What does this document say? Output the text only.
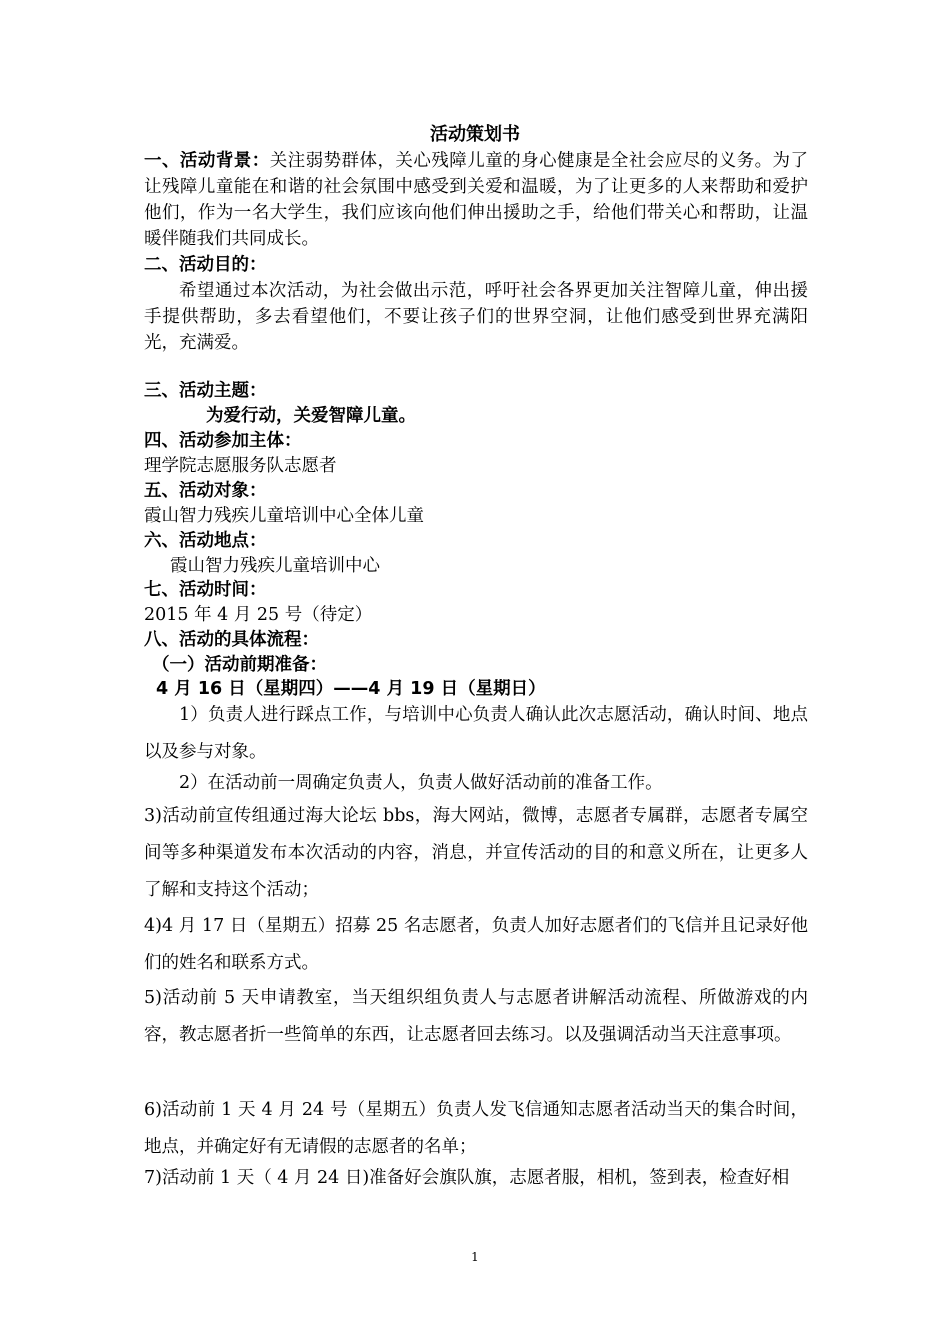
活动策划书
一、活动背景：关注弱势群体，关心残障儿童的身心健康是全社会应尽的义务。为了让残障儿童能在和谐的社会氛围中感受到关爱和温暖，为了让更多的人来帮助和爱护他们，作为一名大学生，我们应该向他们伸出援助之手，给他们带关心和帮助，让温暖伴随我们共同成长。
二、活动目的：
希望通过本次活动，为社会做出示范，呼吁社会各界更加关注智障儿童，伸出援手提供帮助，多去看望他们，不要让孩子们的世界空洞，让他们感受到世界充满阳光，充满爱。
三、活动主题：
为爱行动，关爱智障儿童。
四、活动参加主体：
理学院志愿服务队志愿者
五、活动对象：
霞山智力残疾儿童培训中心全体儿童
六、活动地点：
霞山智力残疾儿童培训中心
七、活动时间：
2015 年 4 月 25 号（待定）
八、活动的具体流程：
（一）活动前期准备：
4 月 16 日（星期四）——4 月 19 日（星期日）
1）负责人进行踩点工作，与培训中心负责人确认此次志愿活动，确认时间、地点以及参与对象。
2）在活动前一周确定负责人，负责人做好活动前的准备工作。
3)活动前宣传组通过海大论坛 bbs，海大网站，微博，志愿者专属群，志愿者专属空间等多种渠道发布本次活动的内容，消息，并宣传活动的目的和意义所在，让更多人了解和支持这个活动；
4)4 月 17 日（星期五）招募 25 名志愿者，负责人加好志愿者们的飞信并且记录好他们的姓名和联系方式。
5)活动前 5 天申请教室，当天组织组负责人与志愿者讲解活动流程、所做游戏的内容，教志愿者折一些简单的东西，让志愿者回去练习。以及强调活动当天注意事项。
6)活动前 1 天 4 月 24 号（星期五）负责人发飞信通知志愿者活动当天的集合时间，地点，并确定好有无请假的志愿者的名单；
7)活动前 1 天（ 4 月 24 日)准备好会旗队旗，志愿者服，相机，签到表，检查好相
1
